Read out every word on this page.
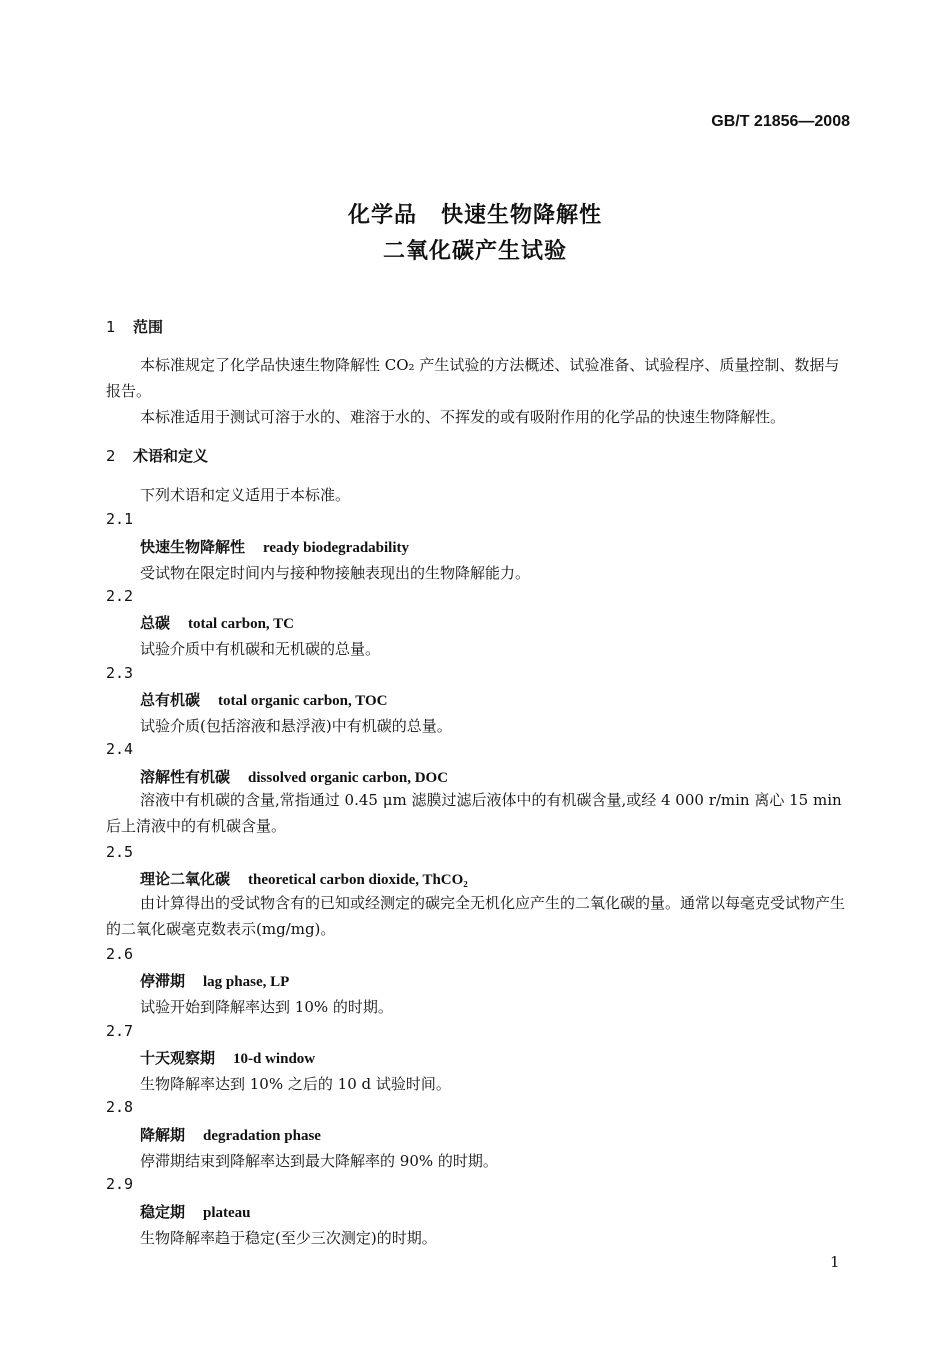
GB/T 21856—2008
化学品 快速生物降解性
二氧化碳产生试验
1 范围
本标准规定了化学品快速生物降解性 CO₂ 产生试验的方法概述、试验准备、试验程序、质量控制、数据与报告。
本标准适用于测试可溶于水的、难溶于水的、不挥发的或有吸附作用的化学品的快速生物降解性。
2 术语和定义
下列术语和定义适用于本标准。
2.1
快速生物降解性 ready biodegradability
受试物在限定时间内与接种物接触表现出的生物降解能力。
2.2
总碳 total carbon, TC
试验介质中有机碳和无机碳的总量。
2.3
总有机碳 total organic carbon, TOC
试验介质(包括溶液和悬浮液)中有机碳的总量。
2.4
溶解性有机碳 dissolved organic carbon, DOC
溶液中有机碳的含量,常指通过 0.45 μm 滤膜过滤后液体中的有机碳含量,或经 4 000 r/min 离心 15 min 后上清液中的有机碳含量。
2.5
理论二氧化碳 theoretical carbon dioxide, ThCO₂
由计算得出的受试物含有的已知或经测定的碳完全无机化应产生的二氧化碳的量。通常以每毫克受试物产生的二氧化碳毫克数表示(mg/mg)。
2.6
停滞期 lag phase, LP
试验开始到降解率达到 10% 的时期。
2.7
十天观察期 10-d window
生物降解率达到 10% 之后的 10 d 试验时间。
2.8
降解期 degradation phase
停滞期结束到降解率达到最大降解率的 90% 的时期。
2.9
稳定期 plateau
生物降解率趋于稳定(至少三次测定)的时期。
1
